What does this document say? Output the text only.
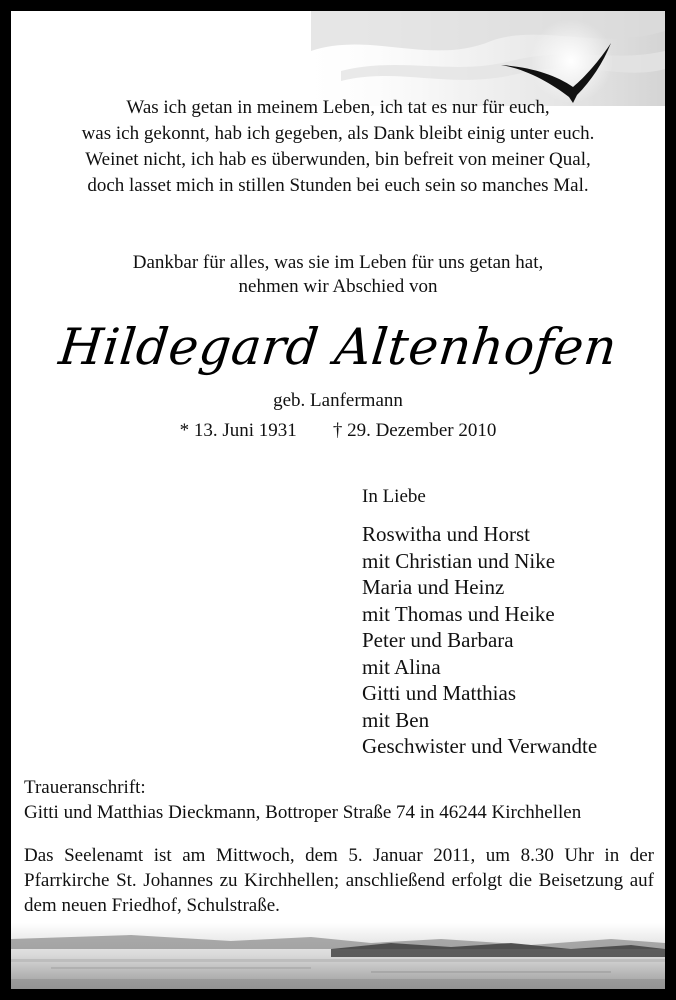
Was ich getan in meinem Leben, ich tat es nur für euch,
was ich gekonnt, hab ich gegeben, als Dank bleibt einig unter euch.
Weinet nicht, ich hab es überwunden, bin befreit von meiner Qual,
doch lasset mich in stillen Stunden bei euch sein so manches Mal.
Dankbar für alles, was sie im Leben für uns getan hat,
nehmen wir Abschied von
Hildegard Altenhofen
geb. Lanfermann
* 13. Juni 1931 † 29. Dezember 2010
In Liebe
Roswitha und Horst
mit Christian und Nike
Maria und Heinz
mit Thomas und Heike
Peter und Barbara
mit Alina
Gitti und Matthias
mit Ben
Geschwister und Verwandte
Traueranschrift:
Gitti und Matthias Dieckmann, Bottroper Straße 74 in 46244 Kirchhellen
Das Seelenamt ist am Mittwoch, dem 5. Januar 2011, um 8.30 Uhr in der Pfarrkirche St. Johannes zu Kirchhellen; anschließend erfolgt die Beisetzung auf dem neuen Friedhof, Schulstraße.
